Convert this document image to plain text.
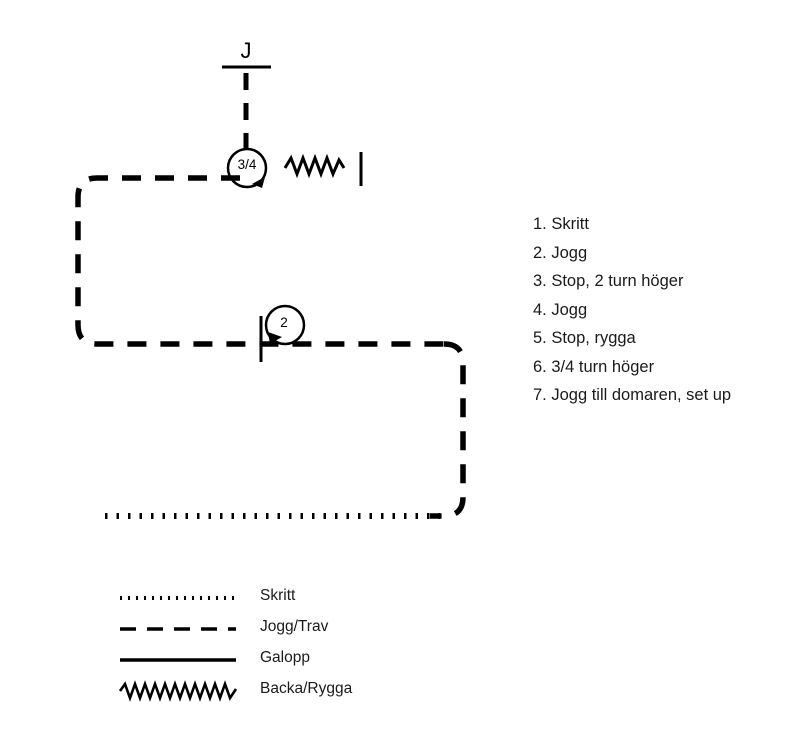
J
3/4
2
1. Skritt
2. Jogg
3. Stop, 2 turn höger
4. Jogg
5. Stop, rygga
6. 3/4 turn höger
7. Jogg till domaren, set up
Skritt
Jogg/Trav
Galopp
Backa/Rygga
